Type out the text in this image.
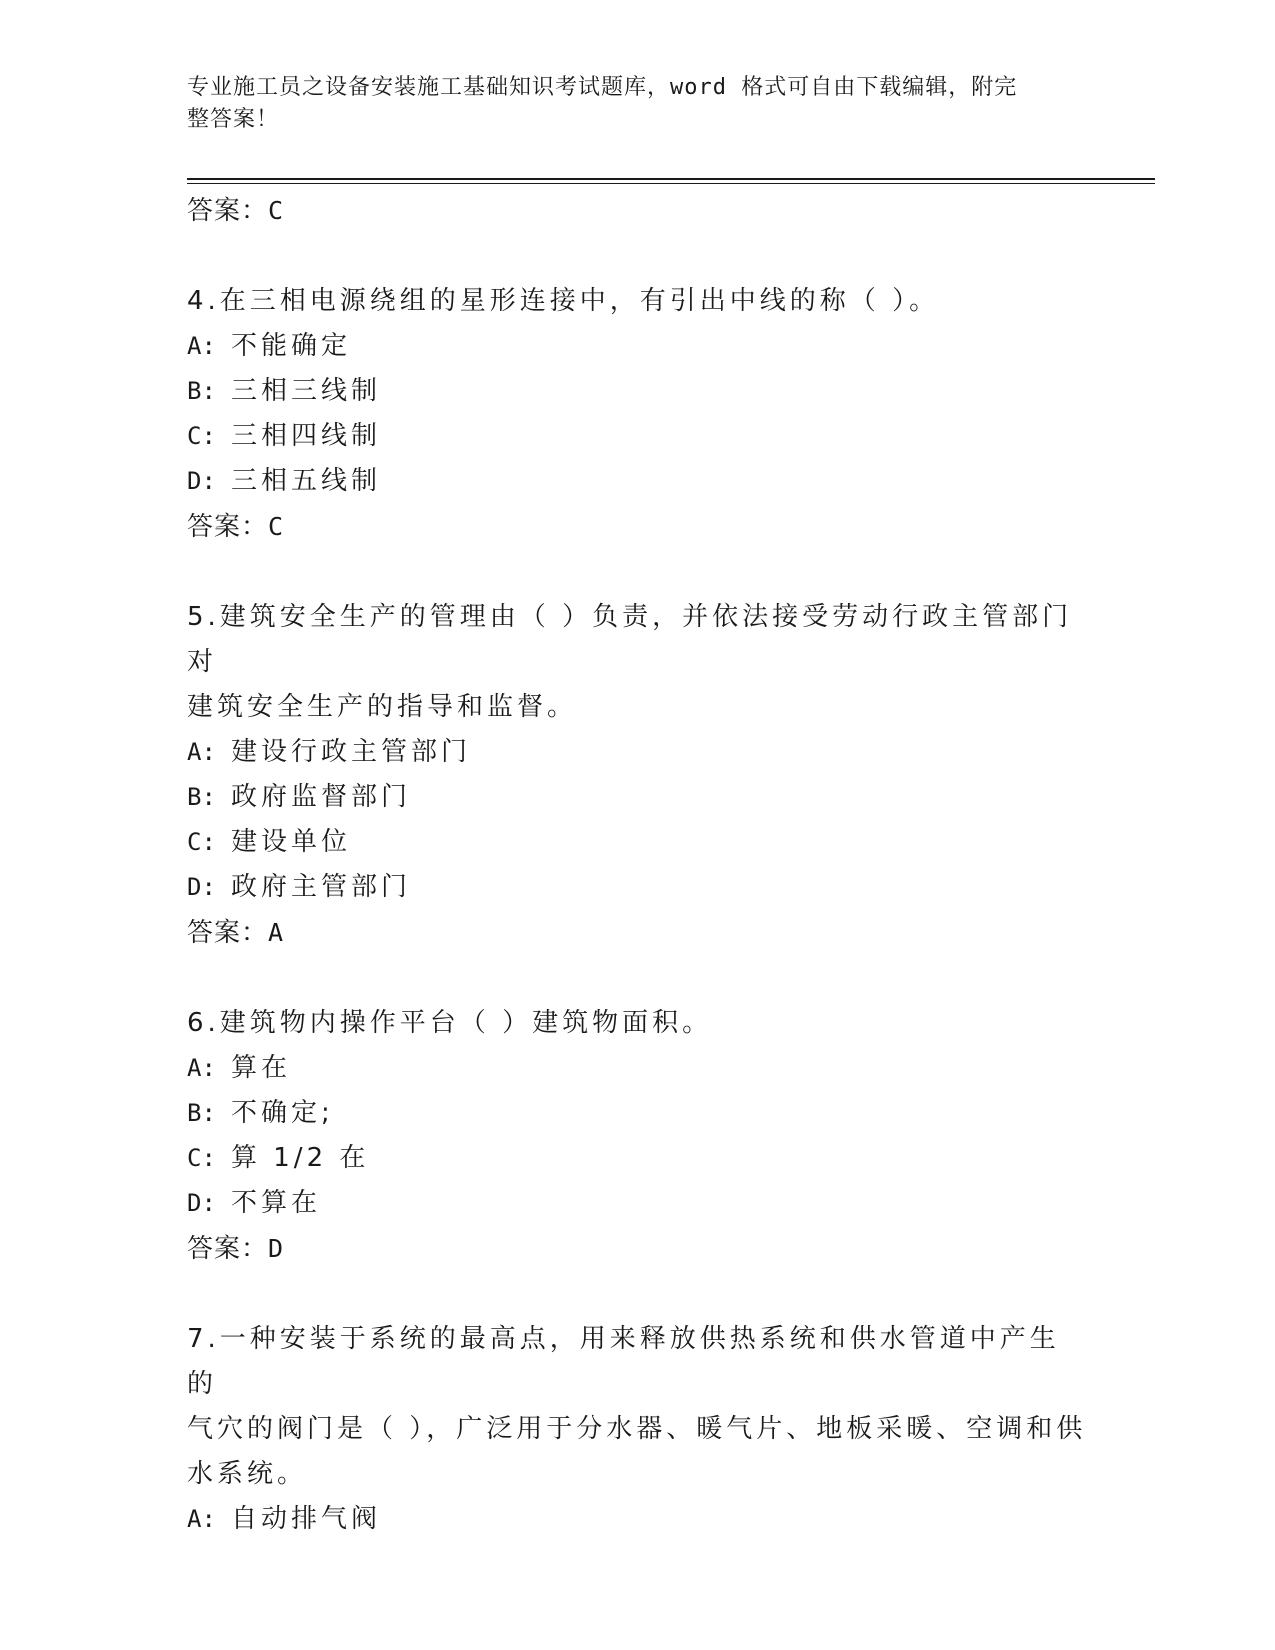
专业施工员之设备安装施工基础知识考试题库，word 格式可自由下载编辑，附完
整答案！
答案：C
4.在三相电源绕组的星形连接中，有引出中线的称（ ）。
A: 不能确定
B: 三相三线制
C: 三相四线制
D: 三相五线制
答案：C
5.建筑安全生产的管理由（ ）负责，并依法接受劳动行政主管部门对
建筑安全生产的指导和监督。
A: 建设行政主管部门
B: 政府监督部门
C: 建设单位
D: 政府主管部门
答案：A
6.建筑物内操作平台（ ）建筑物面积。
A: 算在
B: 不确定;
C: 算 1/2 在
D: 不算在
答案：D
7.一种安装于系统的最高点，用来释放供热系统和供水管道中产生的
气穴的阀门是（ ），广泛用于分水器、暖气片、地板采暖、空调和供
水系统。
A: 自动排气阀
